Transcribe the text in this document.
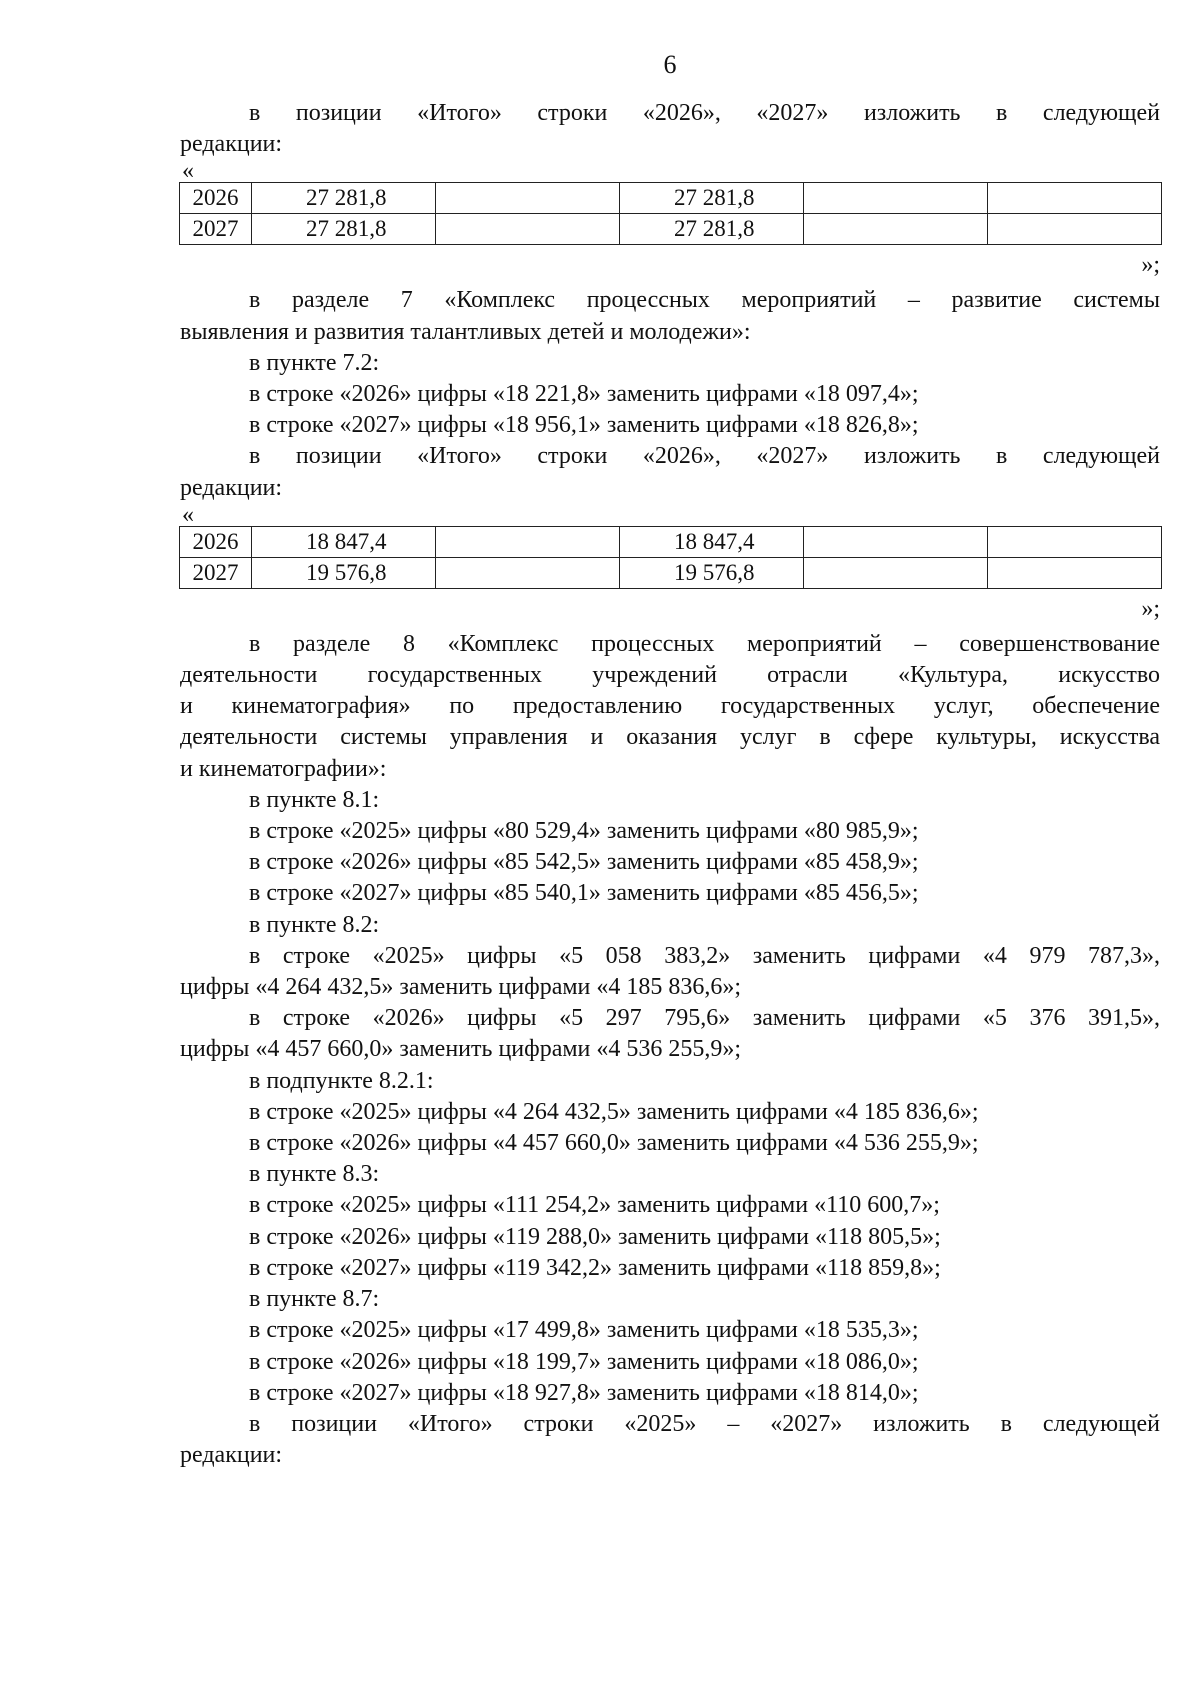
6

в позиции «Итого» строки «2026», «2027» изложить в следующей

редакции:

«

2026	27 281,8		27 281,8		
2027	27 281,8		27 281,8		

»;

в разделе 7 «Комплекс процессных мероприятий – развитие системы

выявления и развития талантливых детей и молодежи»:

в пункте 7.2:

в строке «2026» цифры «18 221,8» заменить цифрами «18 097,4»;

в строке «2027» цифры «18 956,1» заменить цифрами «18 826,8»;

в позиции «Итого» строки «2026», «2027» изложить в следующей

редакции:

«

2026	18 847,4		18 847,4		
2027	19 576,8		19 576,8		

»;

в разделе 8 «Комплекс процессных мероприятий – совершенствование

деятельности государственных учреждений отрасли «Культура, искусство

и кинематография» по предоставлению государственных услуг, обеспечение

деятельности системы управления и оказания услуг в сфере культуры, искусства

и кинематографии»:

в пункте 8.1:

в строке «2025» цифры «80 529,4» заменить цифрами «80 985,9»;

в строке «2026» цифры «85 542,5» заменить цифрами «85 458,9»;

в строке «2027» цифры «85 540,1» заменить цифрами «85 456,5»;

в пункте 8.2:

в строке «2025» цифры «5 058 383,2» заменить цифрами «4 979 787,3»,

цифры «4 264 432,5» заменить цифрами «4 185 836,6»;

в строке «2026» цифры «5 297 795,6» заменить цифрами «5 376 391,5»,

цифры «4 457 660,0» заменить цифрами «4 536 255,9»;

в подпункте 8.2.1:

в строке «2025» цифры «4 264 432,5» заменить цифрами «4 185 836,6»;

в строке «2026» цифры «4 457 660,0» заменить цифрами «4 536 255,9»;

в пункте 8.3:

в строке «2025» цифры «111 254,2» заменить цифрами «110 600,7»;

в строке «2026» цифры «119 288,0» заменить цифрами «118 805,5»;

в строке «2027» цифры «119 342,2» заменить цифрами «118 859,8»;

в пункте 8.7:

в строке «2025» цифры «17 499,8» заменить цифрами «18 535,3»;

в строке «2026» цифры «18 199,7» заменить цифрами «18 086,0»;

в строке «2027» цифры «18 927,8» заменить цифрами «18 814,0»;

в позиции «Итого» строки «2025» – «2027» изложить в следующей

редакции:
